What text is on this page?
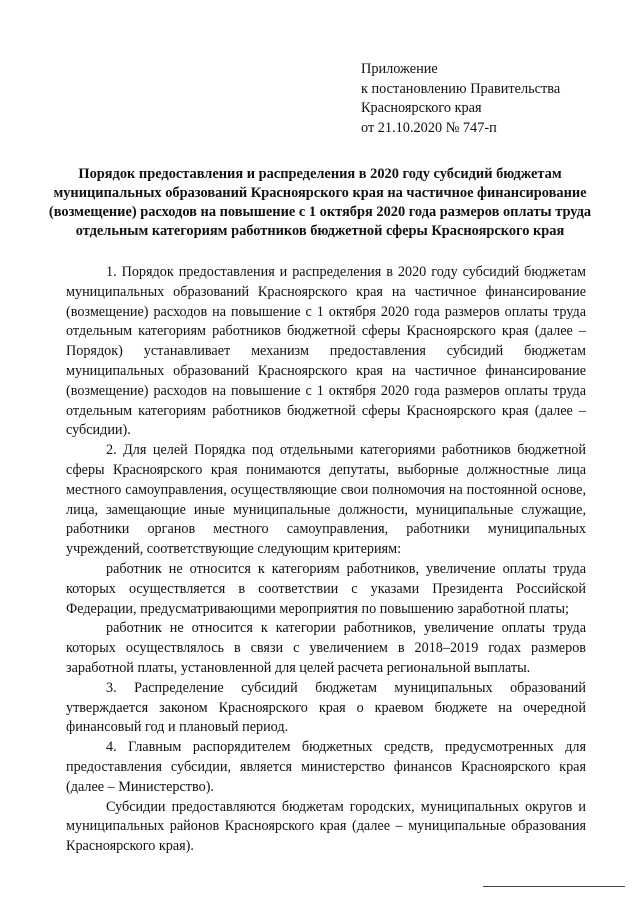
Приложение
к постановлению Правительства
Красноярского края
от 21.10.2020 № 747-п
Порядок предоставления и распределения в 2020 году субсидий бюджетам муниципальных образований Красноярского края на частичное финансирование (возмещение) расходов на повышение с 1 октября 2020 года размеров оплаты труда отдельным категориям работников бюджетной сферы Красноярского края

1. Порядок предоставления и распределения в 2020 году субсидий бюджетам муниципальных образований Красноярского края на частичное финансирование (возмещение) расходов на повышение с 1 октября 2020 года размеров оплаты труда отдельным категориям работников бюджетной сферы Красноярского края (далее – Порядок) устанавливает механизм предоставления субсидий бюджетам муниципальных образований Красноярского края на частичное финансирование (возмещение) расходов на повышение с 1 октября 2020 года размеров оплаты труда отдельным категориям работников бюджетной сферы Красноярского края (далее – субсидии).

2. Для целей Порядка под отдельными категориями работников бюджетной сферы Красноярского края понимаются депутаты, выборные должностные лица местного самоуправления, осуществляющие свои полномочия на постоянной основе, лица, замещающие иные муниципальные должности, муниципальные служащие, работники органов местного самоуправления, работники муниципальных учреждений, соответствующие следующим критериям:

работник не относится к категориям работников, увеличение оплаты труда которых осуществляется в соответствии с указами Президента Российской Федерации, предусматривающими мероприятия по повышению заработной платы;

работник не относится к категории работников, увеличение оплаты труда которых осуществлялось в связи с увеличением в 2018–2019 годах размеров заработной платы, установленной для целей расчета региональной выплаты.

3. Распределение субсидий бюджетам муниципальных образований утверждается законом Красноярского края о краевом бюджете на очередной финансовый год и плановый период.

4. Главным распорядителем бюджетных средств, предусмотренных для предоставления субсидии, является министерство финансов Красноярского края (далее – Министерство).

Субсидии предоставляются бюджетам городских, муниципальных округов и муниципальных районов Красноярского края (далее – муниципальные образования Красноярского края).
